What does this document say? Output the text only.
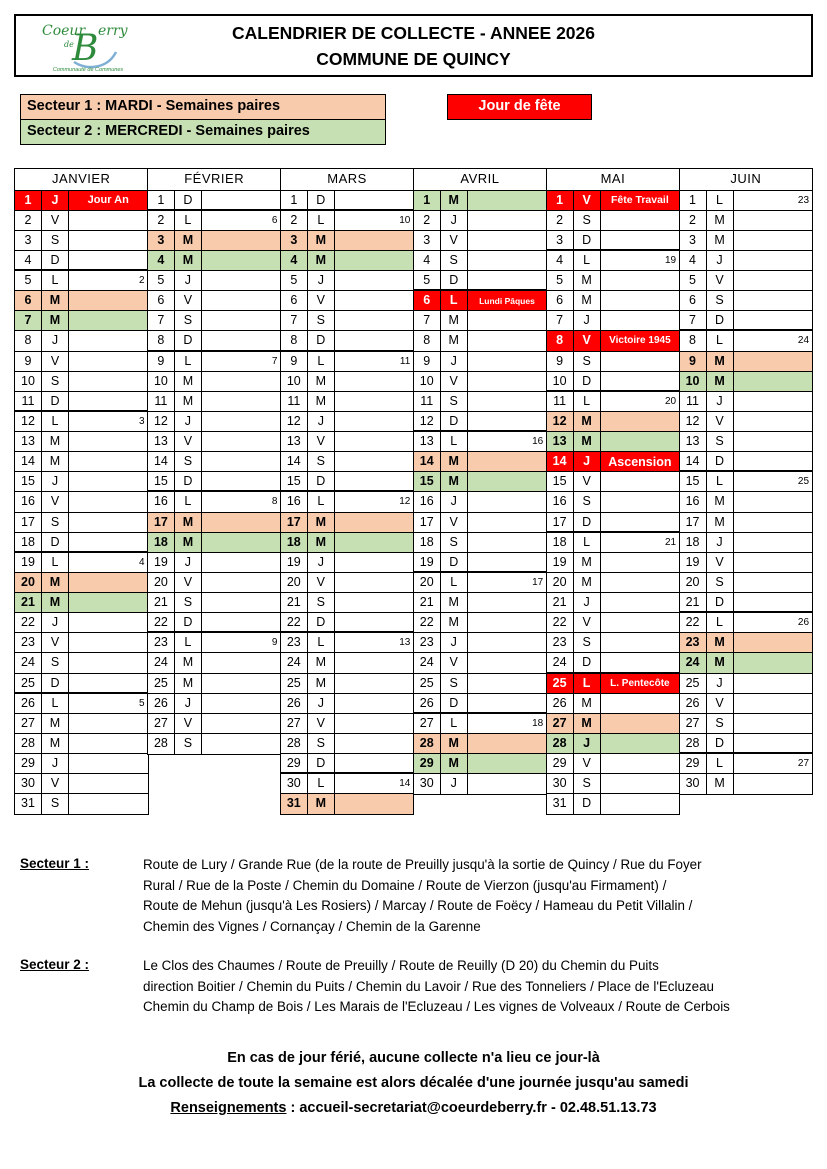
Coeur
de
B erry
Communauté de Communes
CALENDRIER DE COLLECTE - ANNEE 2026
COMMUNE DE QUINCY
Secteur 1 : MARDI - Semaines paires
Secteur 2 : MERCREDI - Semaines paires
Jour de fête
JANVIER
1	J	Jour An
2	V
3	S
4	D
5	L	2
6	M
7	M
8	J
9	V
10	S
11	D
12	L	3
13	M
14	M
15	J
16	V
17	S
18	D
19	L	4
20	M
21	M
22	J
23	V
24	S
25	D
26	L	5
27	M
28	M
29	J
30	V
31	S
FÉVRIER
1	D
2	L	6
3	M
4	M
5	J
6	V
7	S
8	D
9	L	7
10	M
11	M
12	J
13	V
14	S
15	D
16	L	8
17	M
18	M
19	J
20	V
21	S
22	D
23	L	9
24	M
25	M
26	J
27	V
28	S
MARS
1	D
2	L	10
3	M
4	M
5	J
6	V
7	S
8	D
9	L	11
10	M
11	M
12	J
13	V
14	S
15	D
16	L	12
17	M
18	M
19	J
20	V
21	S
22	D
23	L	13
24	M
25	M
26	J
27	V
28	S
29	D
30	L	14
31	M
AVRIL
1	M
2	J
3	V
4	S
5	D
6	L	Lundi Pâques
7	M
8	M
9	J
10	V
11	S
12	D
13	L	16
14	M
15	M
16	J
17	V
18	S
19	D
20	L	17
21	M
22	M
23	J
24	V
25	S
26	D
27	L	18
28	M
29	M
30	J
MAI
1	V	Fête Travail
2	S
3	D
4	L	19
5	M
6	M
7	J
8	V	Victoire 1945
9	S
10	D
11	L	20
12	M
13	M
14	J	Ascension
15	V
16	S
17	D
18	L	21
19	M
20	M
21	J
22	V
23	S
24	D
25	L	L. Pentecôte
26	M
27	M
28	J
29	V
30	S
31	D
JUIN
1	L	23
2	M
3	M
4	J
5	V
6	S
7	D
8	L	24
9	M
10	M
11	J
12	V
13	S
14	D
15	L	25
16	M
17	M
18	J
19	V
20	S
21	D
22	L	26
23	M
24	M
25	J
26	V
27	S
28	D
29	L	27
30	M
Secteur 1 :	Route de Lury / Grande Rue (de la route de Preuilly jusqu'à la sortie de Quincy / Rue du Foyer
Rural / Rue de la Poste / Chemin du Domaine / Route de Vierzon (jusqu'au Firmament) /
Route de Mehun (jusqu'à Les Rosiers) / Marcay / Route de Foëcy / Hameau du Petit Villalin /
Chemin des Vignes / Cornançay / Chemin de la Garenne
Secteur 2 :	Le Clos des Chaumes / Route de Preuilly / Route de Reuilly (D 20) du Chemin du Puits
direction Boitier / Chemin du Puits / Chemin du Lavoir / Rue des Tonneliers / Place de l'Ecluzeau
Chemin du Champ de Bois / Les Marais de l'Ecluzeau / Les vignes de Volveaux / Route de Cerbois
En cas de jour férié, aucune collecte n'a lieu ce jour-là
La collecte de toute la semaine est alors décalée d'une journée jusqu'au samedi
Renseignements : accueil-secretariat@coeurdeberry.fr - 02.48.51.13.73
